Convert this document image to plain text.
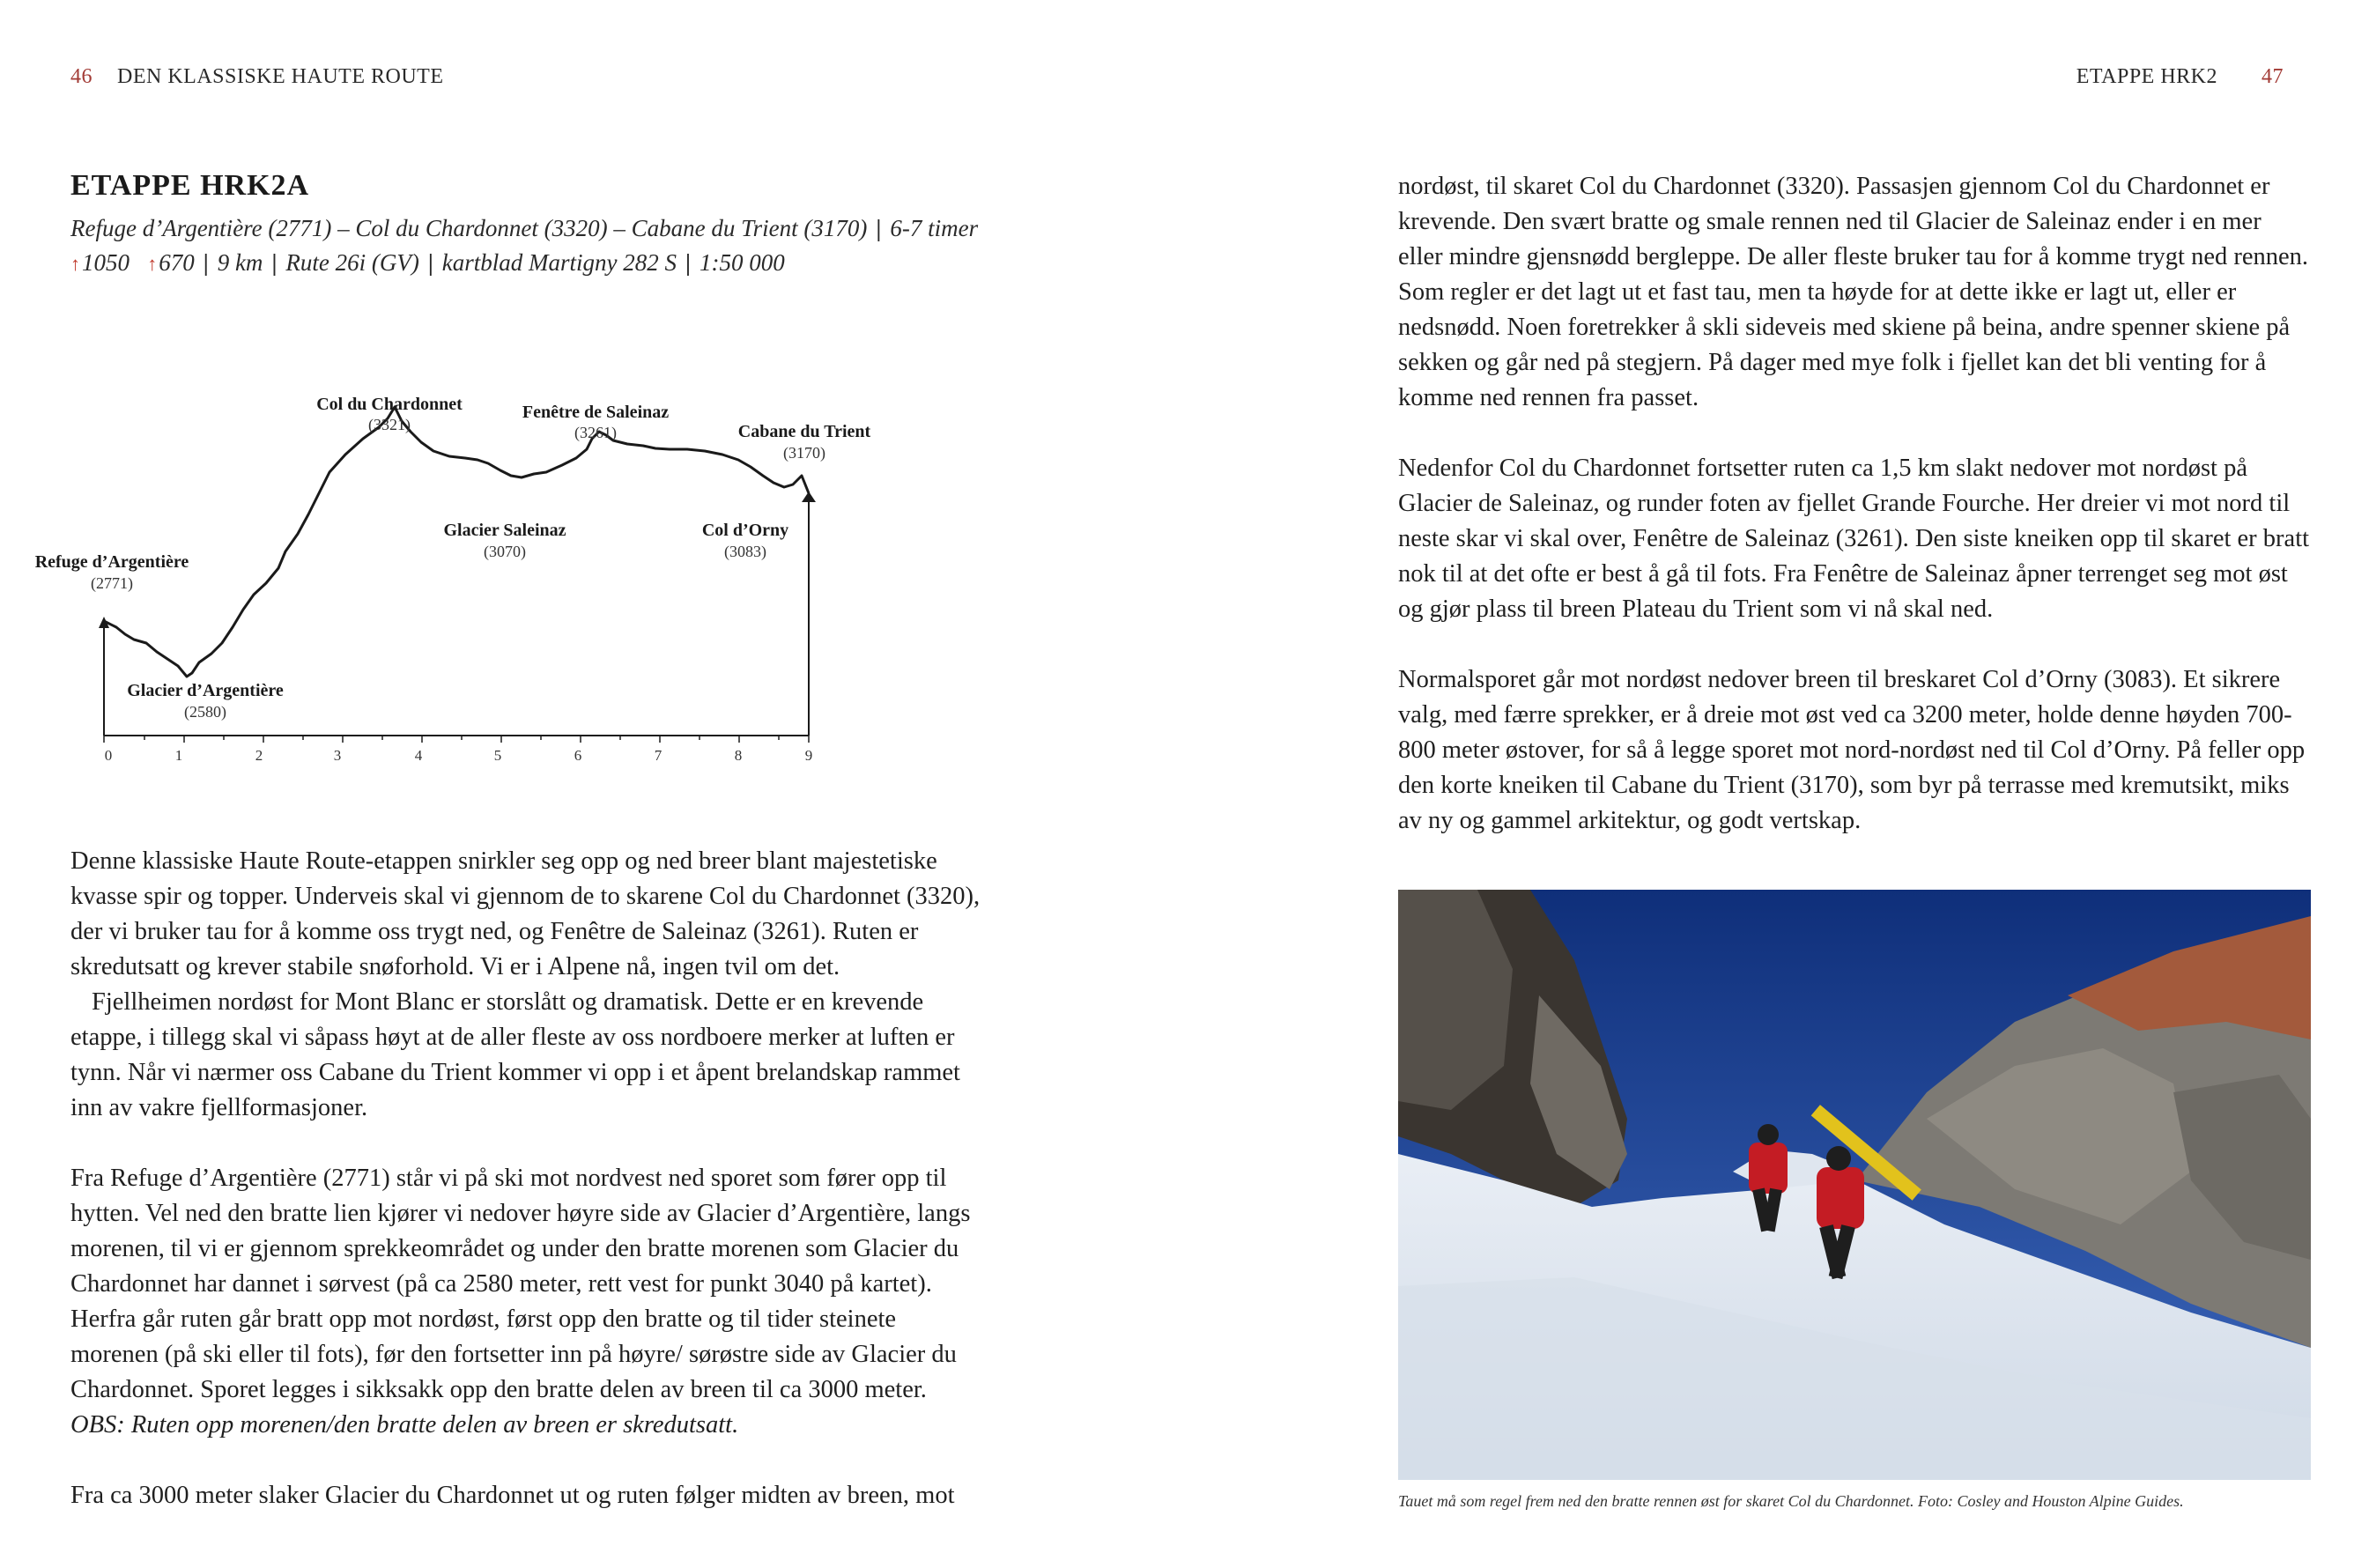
46 DEN KLASSISKE HAUTE ROUTE	ETAPPE HRK2 47
ETAPPE HRK2A
Refuge d’Argentière (2771) – Col du Chardonnet (3320) – Cabane du Trient (3170) | 6-7 timer
↑1050 ↑670 | 9 km | Rute 26i (GV) | kartblad Martigny 282 S | 1:50 000
0	1	2	3	4	5	6	7	8	9
Refuge d’Argentière
(2771)
Glacier d’Argentière
(2580)
Col du Chardonnet
(3321)
Glacier Saleinaz
(3070)
Fenêtre de Saleinaz
(3261)
Col d’Orny
(3083)
Cabane du Trient
(3170)

Denne klassiske Haute Route-etappen snirkler seg opp og ned breer blant majestetiske kvasse spir og topper. Underveis skal vi gjennom de to skarene Col du Chardonnet (3320), der vi bruker tau for å komme oss trygt ned, og Fenêtre de Saleinaz (3261). Ruten er skredutsatt og krever stabile snøforhold. Vi er i Alpene nå, ingen tvil om det.

Fjellheimen nordøst for Mont Blanc er storslått og dramatisk. Dette er en krevende etappe, i tillegg skal vi såpass høyt at de aller fleste av oss nordboere merker at luften er tynn. Når vi nærmer oss Cabane du Trient kommer vi opp i et åpent brelandskap rammet inn av vakre fjellformasjoner.

Fra Refuge d’Argentière (2771) står vi på ski mot nordvest ned sporet som fører opp til hytten. Vel ned den bratte lien kjører vi nedover høyre side av Glacier d’Argentière, langs morenen, til vi er gjennom sprekkeområdet og under den bratte morenen som Glacier du Chardonnet har dannet i sørvest (på ca 2580 meter, rett vest for punkt 3040 på kartet). Herfra går ruten går bratt opp mot nordøst, først opp den bratte og til tider steinete morenen (på ski eller til fots), før den fortsetter inn på høyre/ sørøstre side av Glacier du Chardonnet. Sporet legges i sikksakk opp den bratte delen av breen til ca 3000 meter.

OBS: Ruten opp morenen/den bratte delen av breen er skredutsatt.

Fra ca 3000 meter slaker Glacier du Chardonnet ut og ruten følger midten av breen, mot

nordøst, til skaret Col du Chardonnet (3320). Passasjen gjennom Col du Chardonnet er krevende. Den svært bratte og smale rennen ned til Glacier de Saleinaz ender i en mer eller mindre gjensnødd bergleppe. De aller fleste bruker tau for å komme trygt ned rennen. Som regler er det lagt ut et fast tau, men ta høyde for at dette ikke er lagt ut, eller er nedsnødd. Noen foretrekker å skli sideveis med skiene på beina, andre spenner skiene på sekken og går ned på stegjern. På dager med mye folk i fjellet kan det bli venting for å komme ned rennen fra passet.

Nedenfor Col du Chardonnet fortsetter ruten ca 1,5 km slakt nedover mot nordøst på Glacier de Saleinaz, og runder foten av fjellet Grande Fourche. Her dreier vi mot nord til neste skar vi skal over, Fenêtre de Saleinaz (3261). Den siste kneiken opp til skaret er bratt nok til at det ofte er best å gå til fots. Fra Fenêtre de Saleinaz åpner terrenget seg mot øst og gjør plass til breen Plateau du Trient som vi nå skal ned.

Normalsporet går mot nordøst nedover breen til breskaret Col d’Orny (3083). Et sikrere valg, med færre sprekker, er å dreie mot øst ved ca 3200 meter, holde denne høyden 700-800 meter østover, for så å legge sporet mot nord-nordøst ned til Col d’Orny. På feller opp den korte kneiken til Cabane du Trient (3170), som byr på terrasse med kremutsikt, miks av ny og gammel arkitektur, og godt vertskap.

Tauet må som regel frem ned den bratte rennen øst for skaret Col du Chardonnet. Foto: Cosley and Houston Alpine Guides.
